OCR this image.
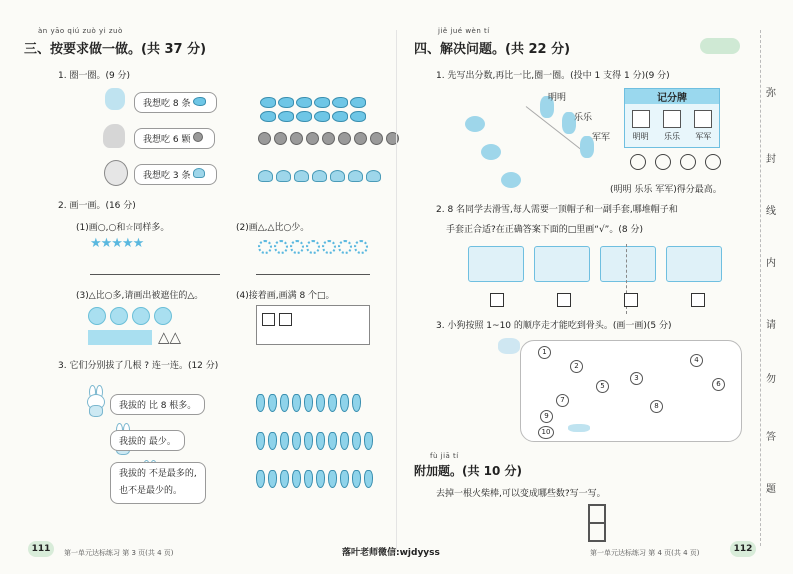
àn yāo qiú zuò yi zuò
三、按要求做一做。(共 37 分)
1. 圈一圈。(9 分)
我想吃 8 条
我想吃 6 颗
我想吃 3 条
2. 画一画。(16 分)
(1)画○,○和☆同样多。	(2)画△,△比○少。
★★★★★
(3)△比○多,请画出被遮住的△。	(4)接着画,画满 8 个□。
△△
3. 它们分别拔了几根 ? 连一连。(12 分)

我拔的 比 8 根多。

我拔的 最少。
我拔的 不是最多的,
也不是最少的。
jiě jué wèn tí
四、解决问题。(共 22 分)
1. 先写出分数,再比一比,圈一圈。(投中 1 支得 1 分)(9 分)
明明
乐乐
军军
记分牌
明明 乐乐 军军

(明明 乐乐 军军)得分最高。
2. 8 名同学去滑雪,每人需要一顶帽子和一副手套,哪堆帽子和
手套正合适?在正确答案下面的□里画“√”。(8 分)

3. 小狗按照 1~10 的顺序走才能吃到骨头。(画一画)(5 分)
1
2
3
4
5	6
7
8
9
10
fù jiā tí
附加题。(共 10 分)
去掉一根火柴棒,可以变成哪些数?写一写。
弥
封
线
内
请
勿
答
题
111	第一单元达标练习 第 3 页(共 4 页)	落叶老师微信:wjdyyss	第一单元达标练习 第 4 页(共 4 页)	112
